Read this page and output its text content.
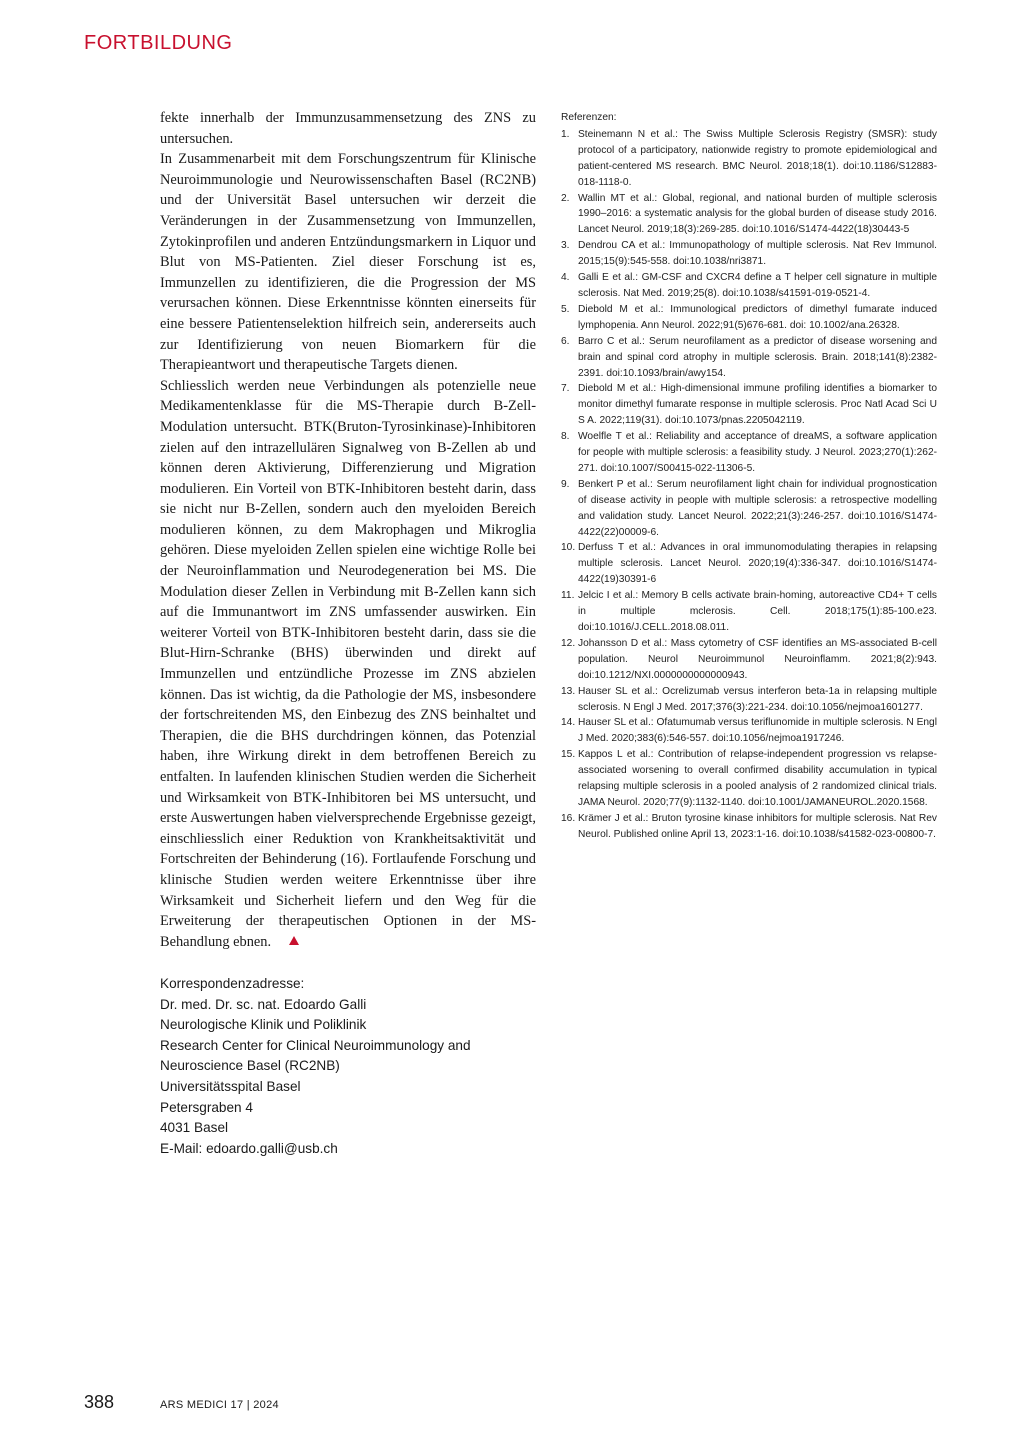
FORTBILDUNG

fekte innerhalb der Immunzusammensetzung des ZNS zu untersuchen.

In Zusammenarbeit mit dem Forschungszentrum für Klinische Neuroimmunologie und Neurowissenschaften Basel (RC2NB) und der Universität Basel untersuchen wir derzeit die Veränderungen in der Zusammensetzung von Immunzellen, Zytokinprofilen und anderen Entzündungsmarkern in Liquor und Blut von MS-Patienten. Ziel dieser Forschung ist es, Immunzellen zu identifizieren, die die Progression der MS verursachen können. Diese Erkenntnisse könnten einerseits für eine bessere Patientenselektion hilfreich sein, andererseits auch zur Identifizierung von neuen Biomarkern für die Therapieantwort und therapeutische Targets dienen.

Schliesslich werden neue Verbindungen als potenzielle neue Medikamentenklasse für die MS-Therapie durch B-Zell-Modulation untersucht. BTK(Bruton-Tyrosinkinase)-Inhibitoren zielen auf den intrazellulären Signalweg von B-Zellen ab und können deren Aktivierung, Differenzierung und Migration modulieren. Ein Vorteil von BTK-Inhibitoren besteht darin, dass sie nicht nur B-Zellen, sondern auch den myeloiden Bereich modulieren können, zu dem Makrophagen und Mikroglia gehören. Diese myeloiden Zellen spielen eine wichtige Rolle bei der Neuroinflammation und Neurodegeneration bei MS. Die Modulation dieser Zellen in Verbindung mit B-Zellen kann sich auf die Immunantwort im ZNS umfassender auswirken. Ein weiterer Vorteil von BTK-Inhibitoren besteht darin, dass sie die Blut-Hirn-Schranke (BHS) überwinden und direkt auf Immunzellen und entzündliche Prozesse im ZNS abzielen können. Das ist wichtig, da die Pathologie der MS, insbesondere der fortschreitenden MS, den Einbezug des ZNS beinhaltet und Therapien, die die BHS durchdringen können, das Potenzial haben, ihre Wirkung direkt in dem betroffenen Bereich zu entfalten. In laufenden klinischen Studien werden die Sicherheit und Wirksamkeit von BTK-Inhibitoren bei MS untersucht, und erste Auswertungen haben vielversprechende Ergebnisse gezeigt, einschliesslich einer Reduktion von Krankheitsaktivität und Fortschreiten der Behinderung (16). Fortlaufende Forschung und klinische Studien werden weitere Erkenntnisse über ihre Wirksamkeit und Sicherheit liefern und den Weg für die Erweiterung der therapeutischen Optionen in der MS-Behandlung ebnen.

Referenzen:
1. Steinemann N et al.: The Swiss Multiple Sclerosis Registry (SMSR): study protocol of a participatory, nationwide registry to promote epidemiological and patient-centered MS research. BMC Neurol. 2018;18(1). doi:10.1186/S12883-018-1118-0.
2. Wallin MT et al.: Global, regional, and national burden of multiple sclerosis 1990–2016: a systematic analysis for the global burden of disease study 2016. Lancet Neurol. 2019;18(3):269-285. doi:10.1016/S1474-4422(18)30443-5
3. Dendrou CA et al.: Immunopathology of multiple sclerosis. Nat Rev Immunol. 2015;15(9):545-558. doi:10.1038/nri3871.
4. Galli E et al.: GM-CSF and CXCR4 define a T helper cell signature in multiple sclerosis. Nat Med. 2019;25(8). doi:10.1038/s41591-019-0521-4.
5. Diebold M et al.: Immunological predictors of dimethyl fumarate induced lymphopenia. Ann Neurol. 2022;91(5)676-681. doi: 10.1002/ana.26328.
6. Barro C et al.: Serum neurofilament as a predictor of disease worsening and brain and spinal cord atrophy in multiple sclerosis. Brain. 2018;141(8):2382-2391. doi:10.1093/brain/awy154.
7. Diebold M et al.: High-dimensional immune profiling identifies a biomarker to monitor dimethyl fumarate response in multiple sclerosis. Proc Natl Acad Sci U S A. 2022;119(31). doi:10.1073/pnas.2205042119.
8. Woelfle T et al.: Reliability and acceptance of dreaMS, a software application for people with multiple sclerosis: a feasibility study. J Neurol. 2023;270(1):262-271. doi:10.1007/S00415-022-11306-5.
9. Benkert P et al.: Serum neurofilament light chain for individual prognostication of disease activity in people with multiple sclerosis: a retrospective modelling and validation study. Lancet Neurol. 2022;21(3):246-257. doi:10.1016/S1474-4422(22)00009-6.
10. Derfuss T et al.: Advances in oral immunomodulating therapies in relapsing multiple sclerosis. Lancet Neurol. 2020;19(4):336-347. doi:10.1016/S1474-4422(19)30391-6
11. Jelcic I et al.: Memory B cells activate brain-homing, autoreactive CD4+ T cells in multiple mclerosis. Cell. 2018;175(1):85-100.e23. doi:10.1016/J.CELL.2018.08.011.
12. Johansson D et al.: Mass cytometry of CSF identifies an MS-associated B-cell population. Neurol Neuroimmunol Neuroinflamm. 2021;8(2):943. doi:10.1212/NXI.0000000000000943.
13. Hauser SL et al.: Ocrelizumab versus interferon beta-1a in relapsing multiple sclerosis. N Engl J Med. 2017;376(3):221-234. doi:10.1056/nejmoa1601277.
14. Hauser SL et al.: Ofatumumab versus teriflunomide in multiple sclerosis. N Engl J Med. 2020;383(6):546-557. doi:10.1056/nejmoa1917246.
15. Kappos L et al.: Contribution of relapse-independent progression vs relapse-associated worsening to overall confirmed disability accumulation in typical relapsing multiple sclerosis in a pooled analysis of 2 randomized clinical trials. JAMA Neurol. 2020;77(9):1132-1140. doi:10.1001/JAMANEUROL.2020.1568.
16. Krämer J et al.: Bruton tyrosine kinase inhibitors for multiple sclerosis. Nat Rev Neurol. Published online April 13, 2023:1-16. doi:10.1038/s41582-023-00800-7.
Korrespondenzadresse:
Dr. med. Dr. sc. nat. Edoardo Galli
Neurologische Klinik und Poliklinik
Research Center for Clinical Neuroimmunology and
Neuroscience Basel (RC2NB)
Universitätsspital Basel
Petersgraben 4
4031 Basel
E-Mail: edoardo.galli@usb.ch
388	ARS MEDICI 17 | 2024
